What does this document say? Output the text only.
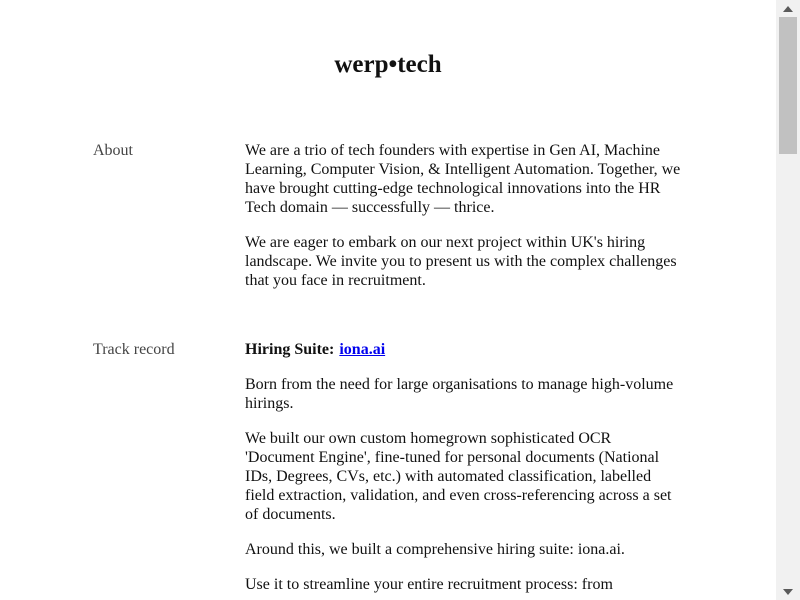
werp•tech
About	We are a trio of tech founders with expertise in Gen AI, Machine Learning, Computer Vision, & Intelligent Automation. Together, we have brought cutting-edge technological innovations into the HR Tech domain — successfully — thrice.

We are eager to embark on our next project within UK's hiring landscape. We invite you to present us with the complex challenges that you face in recruitment.

Track record	Hiring Suite: iona.ai

Born from the need for large organisations to manage high-volume hirings.

We built our own custom homegrown sophisticated OCR 'Document Engine', fine-tuned for personal documents (National IDs, Degrees, CVs, etc.) with automated classification, labelled field extraction, validation, and even cross-referencing across a set of documents.

Around this, we built a comprehensive hiring suite: iona.ai.

Use it to streamline your entire recruitment process: from
